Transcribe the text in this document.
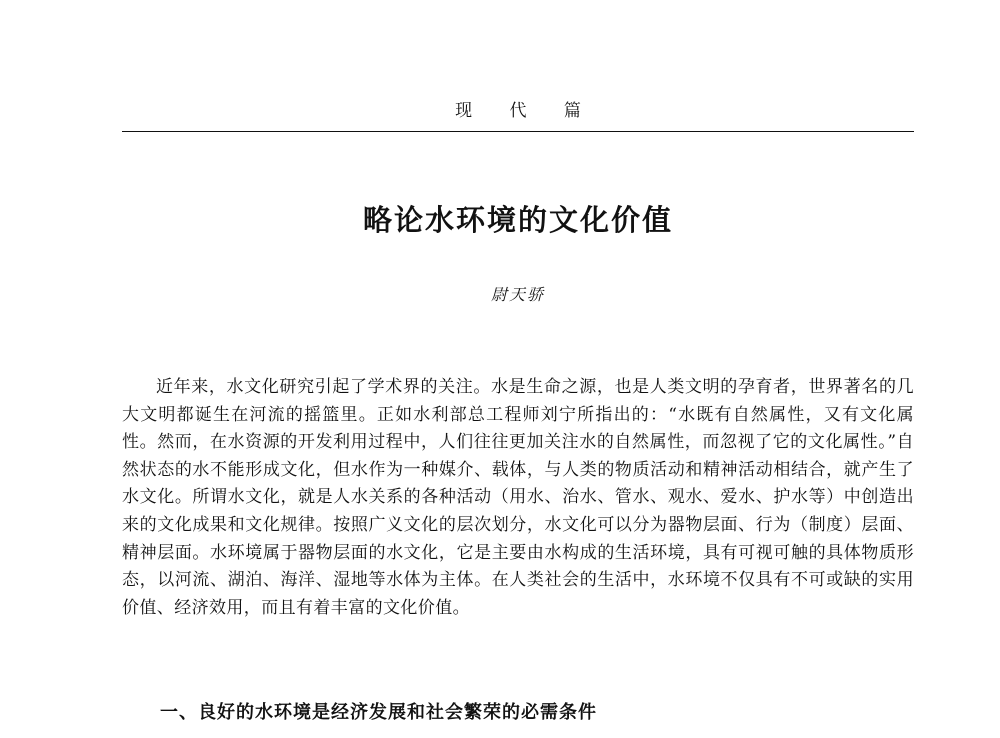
现 代 篇
略论水环境的文化价值
尉天骄

近年来，水文化研究引起了学术界的关注。水是生命之源，也是人类文明的孕育者，世界著名的几大文明都诞生在河流的摇篮里。正如水利部总工程师刘宁所指出的：“水既有自然属性，又有文化属性。然而，在水资源的开发利用过程中，人们往往更加关注水的自然属性，而忽视了它的文化属性。”自然状态的水不能形成文化，但水作为一种媒介、载体，与人类的物质活动和精神活动相结合，就产生了水文化。所谓水文化，就是人水关系的各种活动（用水、治水、管水、观水、爱水、护水等）中创造出来的文化成果和文化规律。按照广义文化的层次划分，水文化可以分为器物层面、行为（制度）层面、精神层面。水环境属于器物层面的水文化，它是主要由水构成的生活环境，具有可视可触的具体物质形态，以河流、湖泊、海洋、湿地等水体为主体。在人类社会的生活中，水环境不仅具有不可或缺的实用价值、经济效用，而且有着丰富的文化价值。

一、良好的水环境是经济发展和社会繁荣的必需条件
